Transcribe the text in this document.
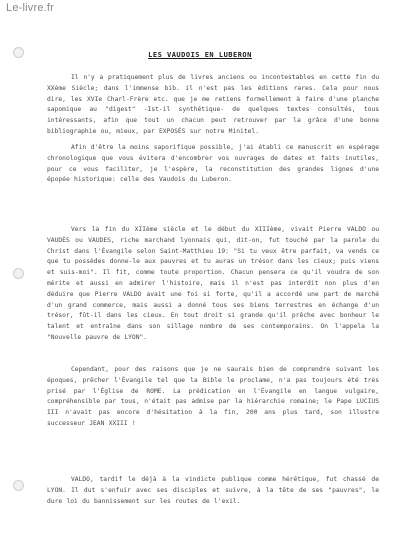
Le-livre.fr
LES VAUDOIS EN LUBERON

Il n'y a pratiquement plus de livres anciens ou incontestables en cette fin du XXème Siècle; dans l'immense bib. il n'est pas les éditions rares. Cela pour nous dire, les XVIe Charl-Frère etc. que je me retiens formellement à faire d'une planche sapomique au "digest" -Ist-il synthétique- de quelques textes consultés, tous intéressants, afin que tout un chacun peut retrouver par la grâce d'une bonne bibliographie ou, mieux, par EXPOSÉS sur notre Minitel.

Afin d'être la moins saporifique possible, j'ai établi ce manuscrit en espérage chronologique que vous évitera d'encombrer vos ouvrages de dates et faits inutiles, pour ce vous faciliter, je l'espère, la reconstitution des grandes lignes d'une épopée historique: celle des Vaudois du Luberon.

Vers la fin du XIIème siècle et le début du XIIIème, vivait Pierre VALDO ou VAUDÈS ou VAUDES, riche marchand lyonnais qui, dit-on, fut touché par la parole du Christ dans l'Évangile selon Saint-Matthieu 19: "Si tu veux être parfait, va vends ce que tu possèdes donne-le aux pauvres et tu auras un trésor dans les cieux; puis viens et suis-moi". Il fit, comme toute proportion. Chacun pensera ce qu'il voudra de son mérite et aussi en admirer l'histoire, mais il n'est pas interdit non plus d'en déduire que Pierre VALDO avait une foi si forte, qu'il a accordé une part de marché d'un grand commerce, mais aussi a donné tous ses biens terrestres en échange d'un trésor, fût-il dans les cieux. En tout droit si grande qu'il prêche avec bonheur le talent et entraîne dans son sillage nombre de ses contemporains. On l'appela la "Nouvelle pauvre de LYON".

Cependant, pour des raisons que je ne saurais bien de comprendre suivant les époques, prêcher l'Évangile tel que la Bible le proclame, n'a pas toujours été très prisé par l'Église de ROME. La prédication en l'Évangile en langue vulgaire, compréhensible par tous, n'était pas admise par la hiérarchie romaine; le Pape LUCIUS III n'avait pas encore d'hésitation à la fin, 200 ans plus tard, son illustre successeur JEAN XXIII !

VALDO, tardif le déjà à la vindicte publique comme hérétique, fut chassé de LYON. Il dut s'enfuir avec ses disciples et suivre, à la tête de ses "pauvres", le dure loi du bannissement sur les routes de l'exil.
